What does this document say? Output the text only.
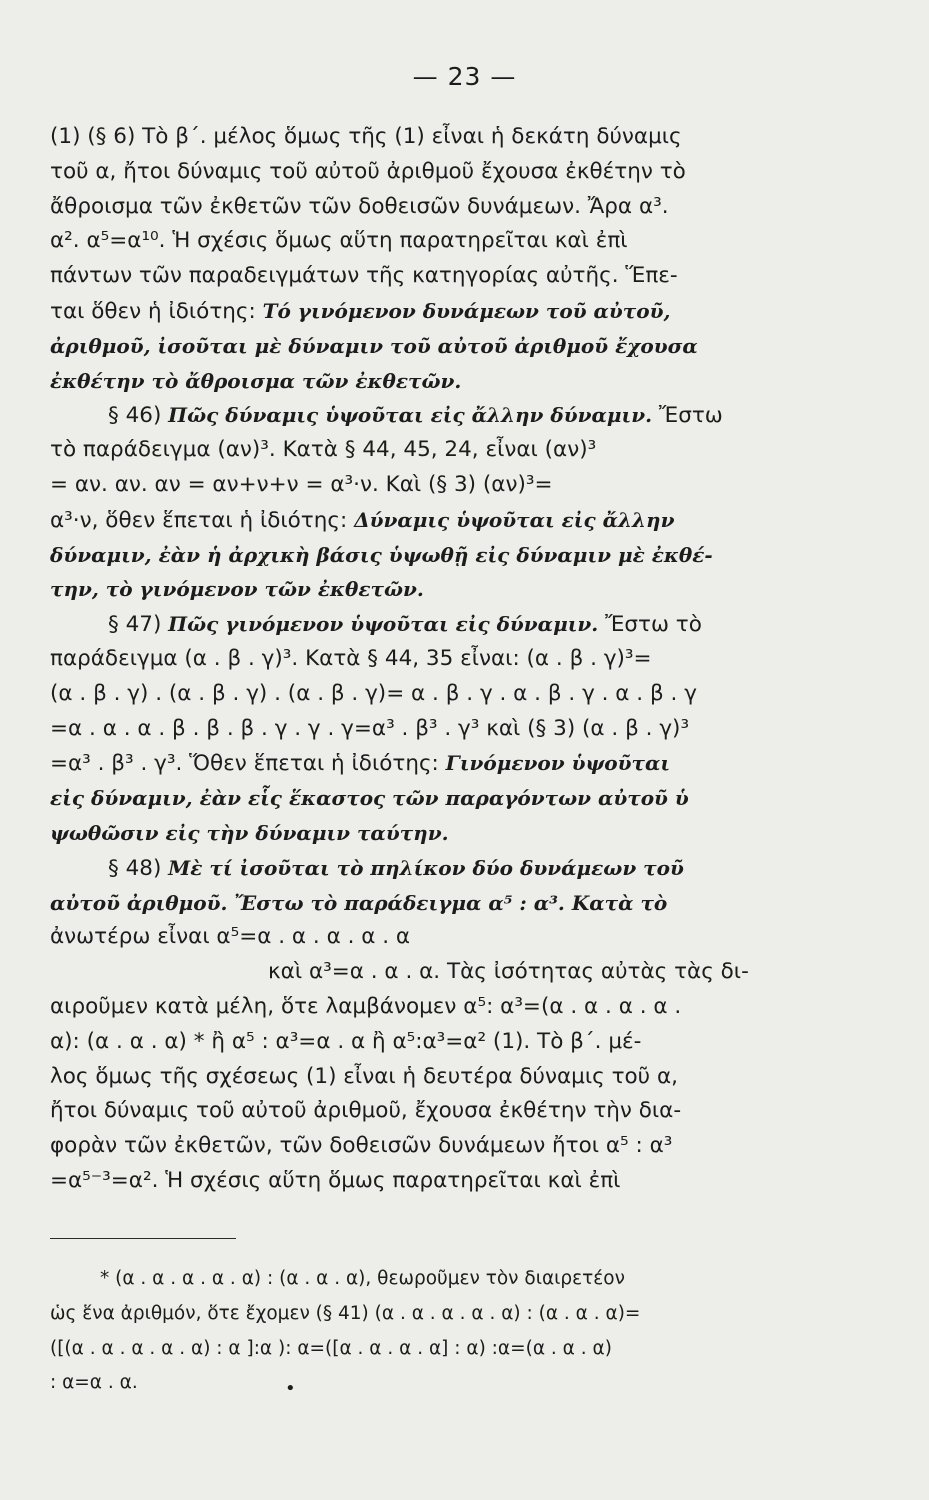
— 23 —
(1) (§ 6) Τὸ β΄. μέλος ὅμως τῆς (1) εἶναι ἡ δεκάτη δύναμις
τοῦ α, ἤτοι δύναμις τοῦ αὐτοῦ ἀριθμοῦ ἔχουσα ἐκθέτην τὸ
ἄθροισμα τῶν ἐκθετῶν τῶν δοθεισῶν δυνάμεων. Ἄρα α³.
α². α⁵=α¹⁰. Ἡ σχέσις ὅμως αὕτη παρατηρεῖται καὶ ἐπὶ
πάντων τῶν παραδειγμάτων τῆς κατηγορίας αὐτῆς. Ἕπε-
ται ὅθεν ἡ ἰδιότης: Τό γινόμενον δυνάμεων τοῦ αὐτοῦ,
ἀριθμοῦ, ἰσοῦται μὲ δύναμιν τοῦ αὐτοῦ ἀριθμοῦ ἔχουσα
ἐκθέτην τὸ ἄθροισμα τῶν ἐκθετῶν.
§ 46) Πῶς δύναμις ὑψοῦται εἰς ἄλλην δύναμιν. Ἔστω
τὸ παράδειγμα (αν)³. Κατὰ § 44, 45, 24, εἶναι (αν)³
= αν. αν. αν = αν+ν+ν = α³·ν. Καὶ (§ 3) (αν)³=
α³·ν, ὅθεν ἕπεται ἡ ἰδιότης: Δύναμις ὑψοῦται εἰς ἄλλην
δύναμιν, ἐὰν ἡ ἀρχικὴ βάσις ὑψωθῇ εἰς δύναμιν μὲ ἐκθέ-
την, τὸ γινόμενον τῶν ἐκθετῶν.
§ 47) Πῶς γινόμενον ὑψοῦται εἰς δύναμιν. Ἔστω τὸ
παράδειγμα (α . β . γ)³. Κατὰ § 44, 35 εἶναι: (α . β . γ)³=
(α . β . γ) . (α . β . γ) . (α . β . γ)= α . β . γ . α . β . γ . α . β . γ
=α . α . α . β . β . β . γ . γ . γ=α³ . β³ . γ³ καὶ (§ 3) (α . β . γ)³
=α³ . β³ . γ³. Ὅθεν ἕπεται ἡ ἰδιότης: Γινόμενον ὑψοῦται
εἰς δύναμιν, ἐὰν εἷς ἕκαστος τῶν παραγόντων αὐτοῦ ὑ
ψωθῶσιν εἰς τὴν δύναμιν ταύτην.
§ 48) Μὲ τί ἰσοῦται τὸ πηλίκον δύο δυνάμεων τοῦ
αὐτοῦ ἀριθμοῦ. Ἔστω τὸ παράδειγμα α⁵ : α³. Κατὰ τὸ
ἀνωτέρω εἶναι α⁵=α . α . α . α . α
καὶ α³=α . α . α. Τὰς ἰσότητας αὐτὰς τὰς δι-
αιροῦμεν κατὰ μέλη, ὅτε λαμβάνομεν α⁵: α³=(α . α . α . α .
α): (α . α . α) * ἢ α⁵ : α³=α . α ἢ α⁵:α³=α² (1). Τὸ β΄. μέ-
λος ὅμως τῆς σχέσεως (1) εἶναι ἡ δευτέρα δύναμις τοῦ α,
ἤτοι δύναμις τοῦ αὐτοῦ ἀριθμοῦ, ἔχουσα ἐκθέτην τὴν δια-
φορὰν τῶν ἐκθετῶν, τῶν δοθεισῶν δυνάμεων ἤτοι α⁵ : α³
=α⁵⁻³=α². Ἡ σχέσις αὕτη ὅμως παρατηρεῖται καὶ ἐπὶ
* (α . α . α . α . α) : (α . α . α), θεωροῦμεν τὸν διαιρετέον
ὡς ἕνα ἀριθμόν, ὅτε ἔχομεν (§ 41) (α . α . α . α . α) : (α . α . α)=
([(α . α . α . α . α) : α ]:α ): α=([α . α . α . α] : α) :α=(α . α . α)
: α=α . α.	•
